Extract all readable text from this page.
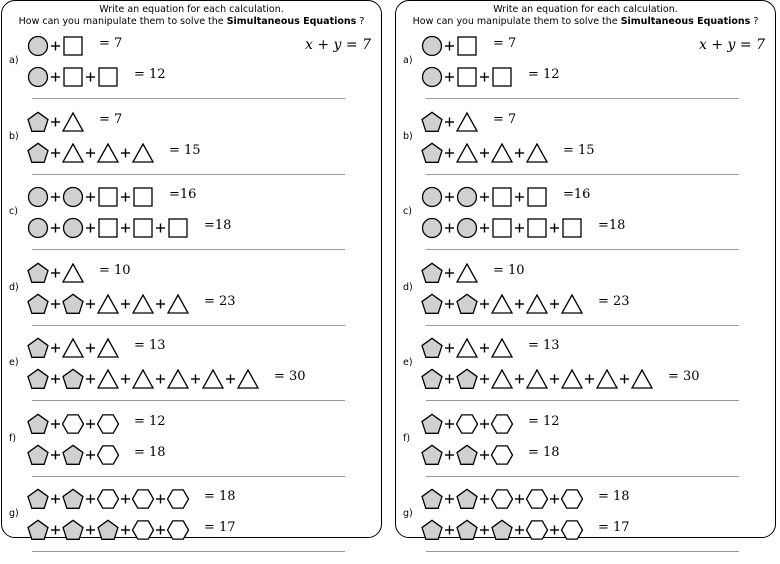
Write an equation for each calculation.
How can you manipulate them to solve the Simultaneous Equations ?
x + y = 7
a)
= 7
= 12
b)
= 7
= 15
c)
=16
=18
d)
= 10
= 23
e)
= 13
= 30
f)
= 12
= 18
g)
= 18
= 17
Write an equation for each calculation.
How can you manipulate them to solve the Simultaneous Equations ?
x + y = 7
a)
= 7
= 12
b)
= 7
= 15
c)
=16
=18
d)
= 10
= 23
e)
= 13
= 30
f)
= 12
= 18
g)
= 18
= 17
